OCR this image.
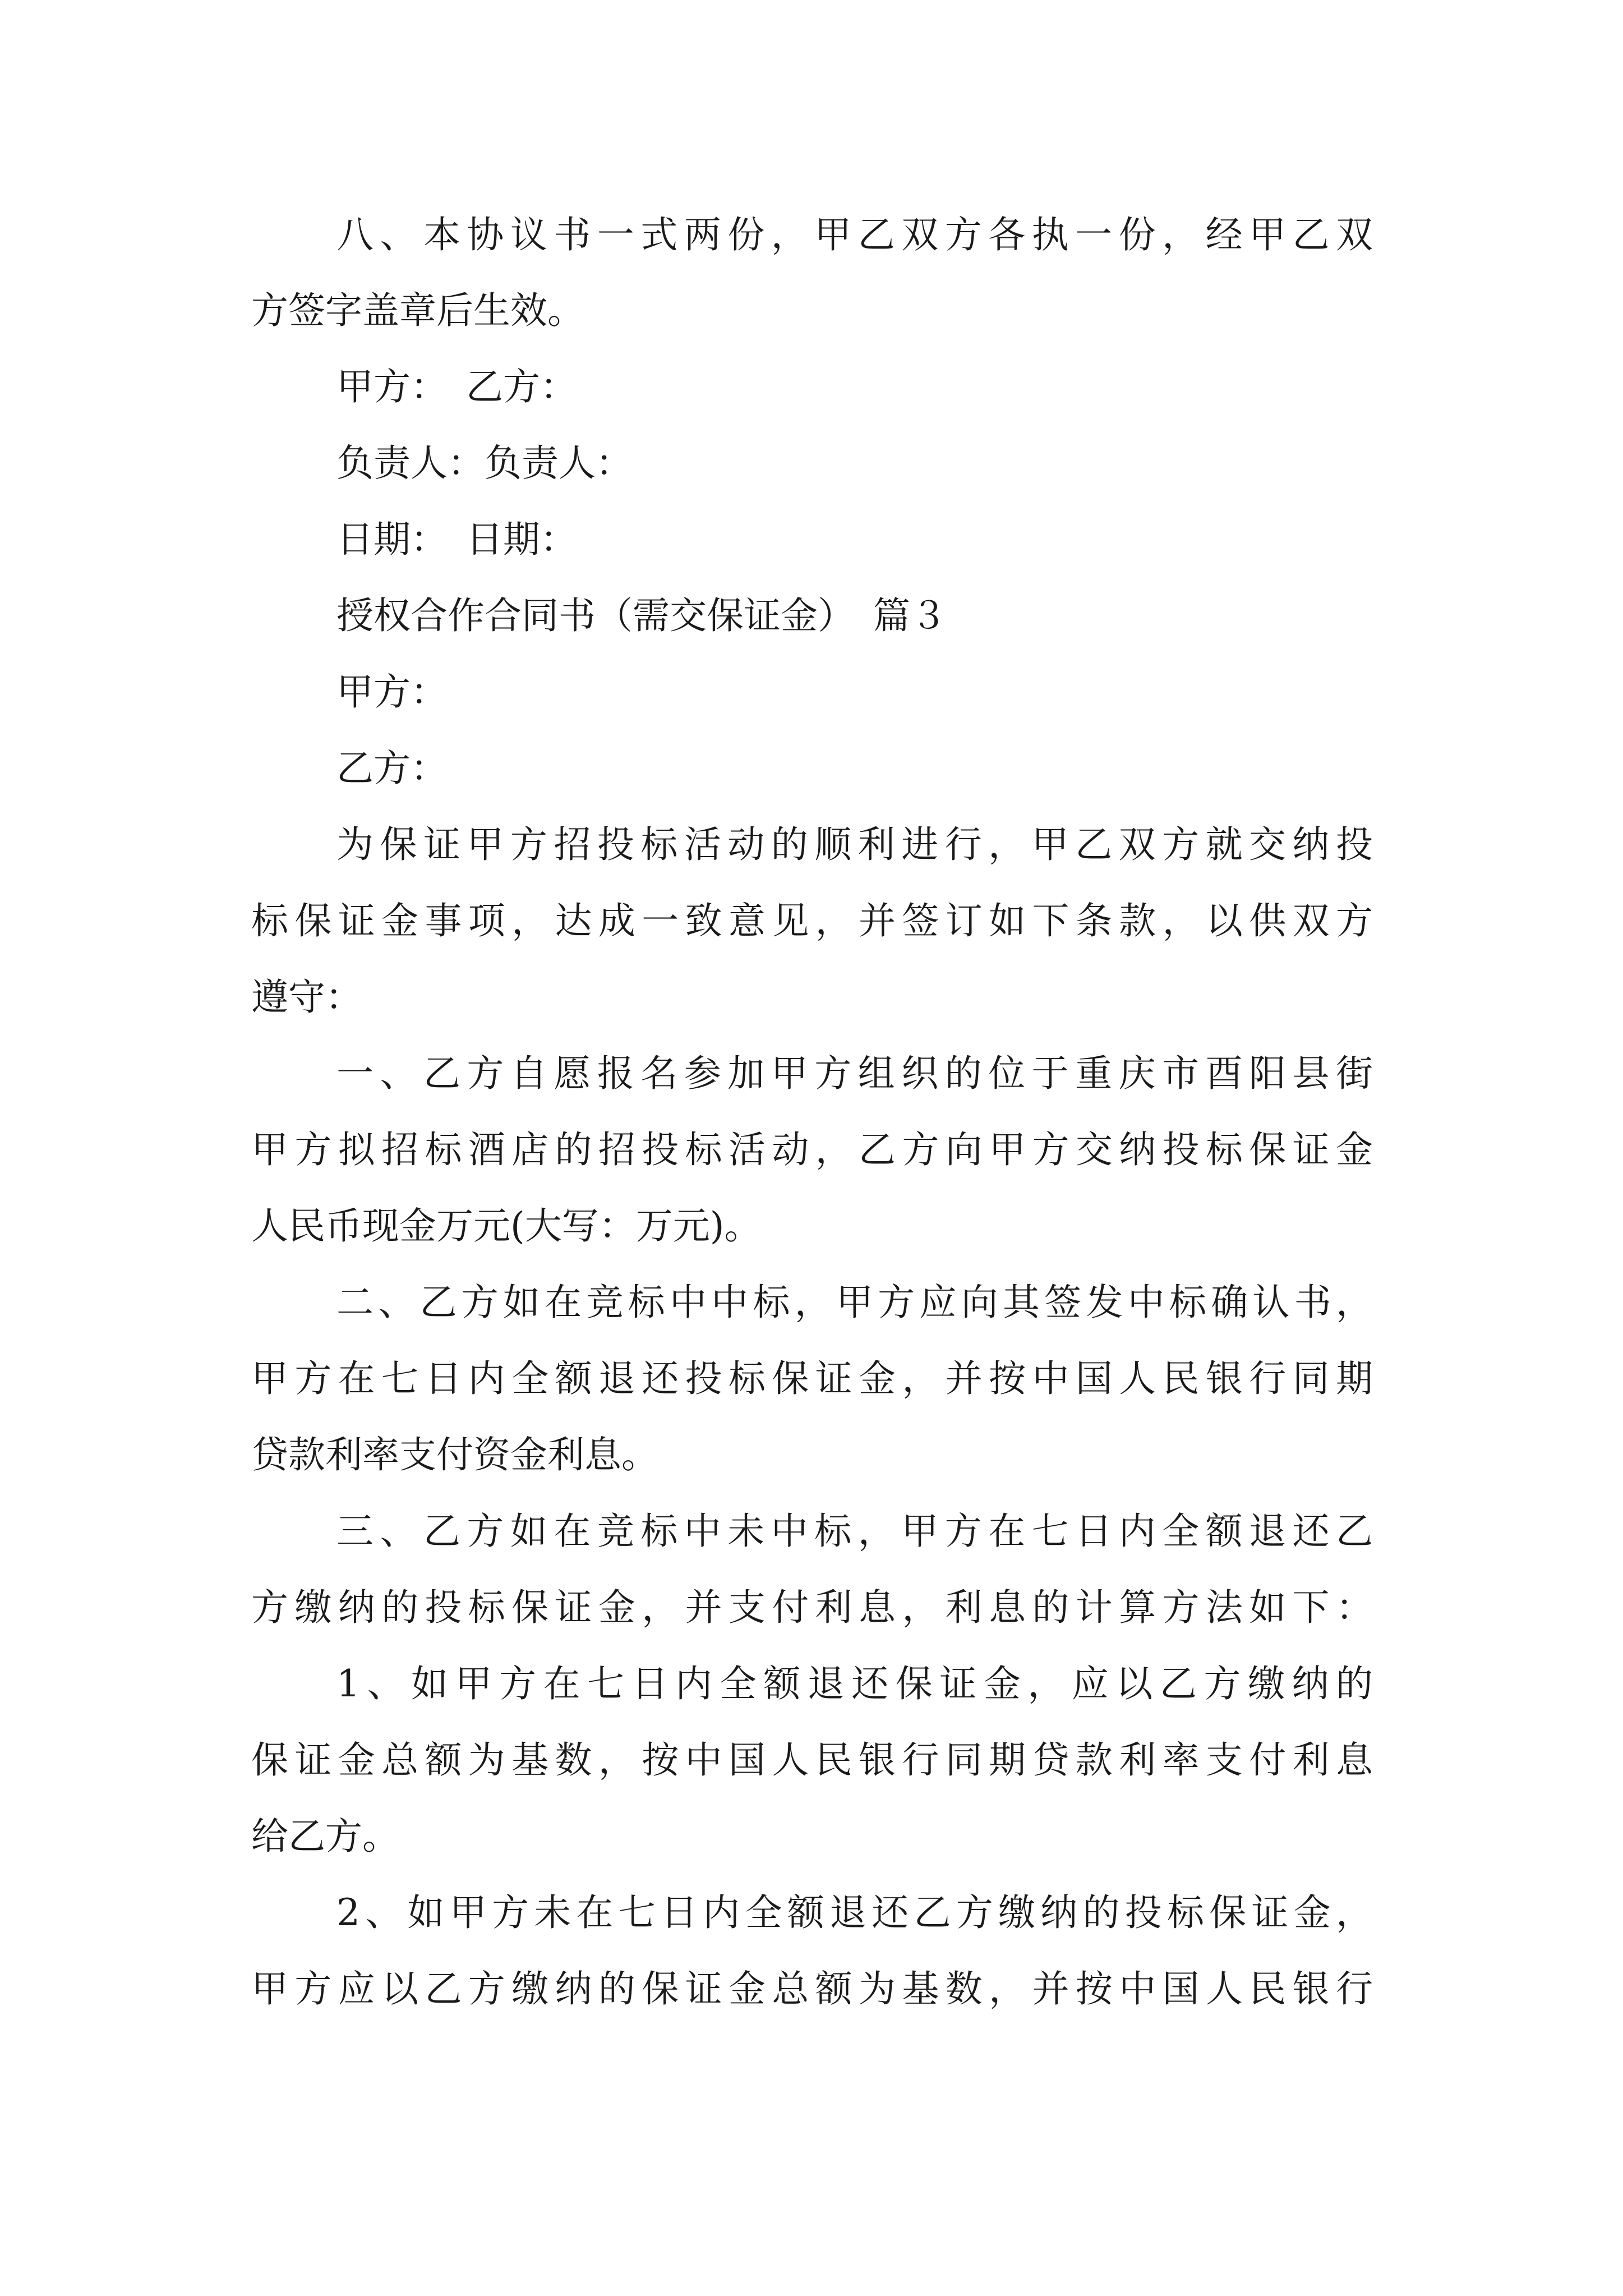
八、本协议书一式两份，甲乙双方各执一份，经甲乙双

方签字盖章后生效。

甲方：　乙方：

负责人：负责人：

日期：　日期：

授权合作合同书（需交保证金）　篇３

甲方：

乙方：

为保证甲方招投标活动的顺利进行，甲乙双方就交纳投

标保证金事项，达成一致意见，并签订如下条款，以供双方

遵守：

一、乙方自愿报名参加甲方组织的位于重庆市酉阳县街

甲方拟招标酒店的招投标活动，乙方向甲方交纳投标保证金

人民币现金万元(大写：万元)。

二、乙方如在竞标中中标，甲方应向其签发中标确认书，

甲方在七日内全额退还投标保证金，并按中国人民银行同期

贷款利率支付资金利息。

三、乙方如在竞标中未中标，甲方在七日内全额退还乙

方缴纳的投标保证金，并支付利息，利息的计算方法如下：

1、如甲方在七日内全额退还保证金，应以乙方缴纳的

保证金总额为基数，按中国人民银行同期贷款利率支付利息

给乙方。

2、如甲方未在七日内全额退还乙方缴纳的投标保证金，

甲方应以乙方缴纳的保证金总额为基数，并按中国人民银行
